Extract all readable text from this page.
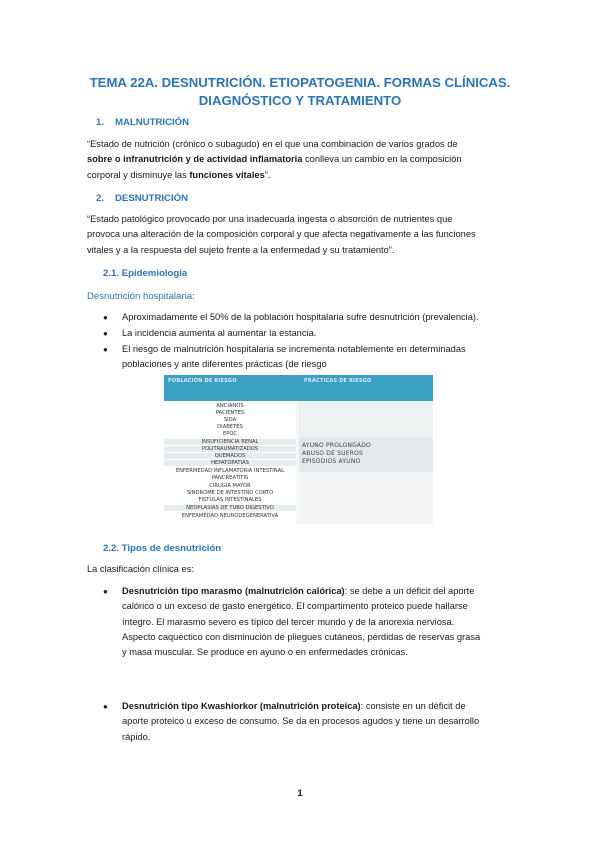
TEMA 22A. DESNUTRICIÓN. ETIOPATOGENIA. FORMAS CLÍNICAS.
DIAGNÓSTICO Y TRATAMIENTO
1. MALNUTRICIÓN

“Estado de nutrición (crónico o subagudo) en el que una combinación de varios grados de

sobre o infranutrición y de actividad inflamatoria conlleva un cambio en la composición

corporal y disminuye las funciones vitales”.

2. DESNUTRICIÓN

“Estado patológico provocado por una inadecuada ingesta o absorción de nutrientes que

provoca una alteración de la composición corporal y que afecta negativamente a las funciones

vitales y a la respuesta del sujeto frente a la enfermedad y su tratamiento”.

2.1. Epidemiología
Desnutrición hospitalaria:
● Aproximadamente el 50% de la población hospitalaria sufre desnutrición (prevalencia).
● La incidencia aumenta al aumentar la estancia.
● El riesgo de malnutrición hospitalaria se incrementa notablemente en determinadas

poblaciones y ante diferentes prácticas (de riesgo

POBLACIÓN DE RIESGO	PRÁCTICAS DE RIESGO
ANCIANOS
PACIENTES
SIDA
DIABETES
EPOC
INSUFICIENCIA RENAL
POLITRAUMATIZADOS
QUEMADOS
HEPATOPATÍAS
ENFERMEDAD INFLAMATORIA INTESTINAL
PANCREATITIS
CIRUGÍA MAYOR
SÍNDROME DE INTESTINO CORTO
FÍSTULAS INTESTINALES
NEOPLASIAS DE TUBO DIGESTIVO
ENFERMEDAD NEURODEGENERATIVA
AYUNO PROLONGADO
ABUSO DE SUEROS
EPISODIOS AYUNO
2.2. Tipos de desnutrición
La clasificación clínica es:
● Desnutrición tipo marasmo (malnutrición calórica): se debe a un déficit del aporte

calórico o un exceso de gasto energético. El compartimento proteico puede hallarse

íntegro. El marasmo severo es típico del tercer mundo y de la anorexia nerviosa.

Aspecto caquéctico con disminución de pliegues cutáneos, pérdidas de reservas grasa

y masa muscular. Se produce en ayuno o en enfermedades crónicas.

● Desnutrición tipo Kwashiorkor (malnutrición proteica): consiste en un déficit de

aporte proteico u exceso de consumo. Se da en procesos agudos y tiene un desarrollo

rápido.

1
